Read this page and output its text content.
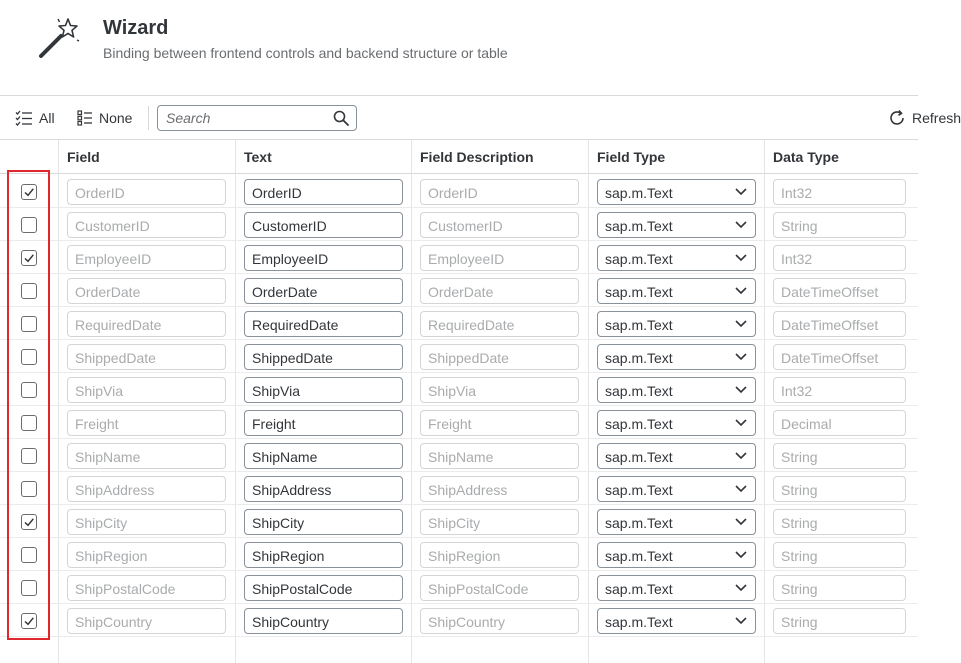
Wizard
Binding between frontend controls and backend structure or table
All	None
Search	Refresh
Field	Text	Field Description	Field Type	Data Type
OrderID	OrderID	OrderID	sap.m.Text	Int32
CustomerID	CustomerID	CustomerID	sap.m.Text	String
EmployeeID	EmployeeID	EmployeeID	sap.m.Text	Int32
OrderDate	OrderDate	OrderDate	sap.m.Text	DateTimeOffset
RequiredDate	RequiredDate	RequiredDate	sap.m.Text	DateTimeOffset
ShippedDate	ShippedDate	ShippedDate	sap.m.Text	DateTimeOffset
ShipVia	ShipVia	ShipVia	sap.m.Text	Int32
Freight	Freight	Freight	sap.m.Text	Decimal
ShipName	ShipName	ShipName	sap.m.Text	String
ShipAddress	ShipAddress	ShipAddress	sap.m.Text	String
ShipCity	ShipCity	ShipCity	sap.m.Text	String
ShipRegion	ShipRegion	ShipRegion	sap.m.Text	String
ShipPostalCode	ShipPostalCode	ShipPostalCode	sap.m.Text	String
ShipCountry	ShipCountry	ShipCountry	sap.m.Text	String
